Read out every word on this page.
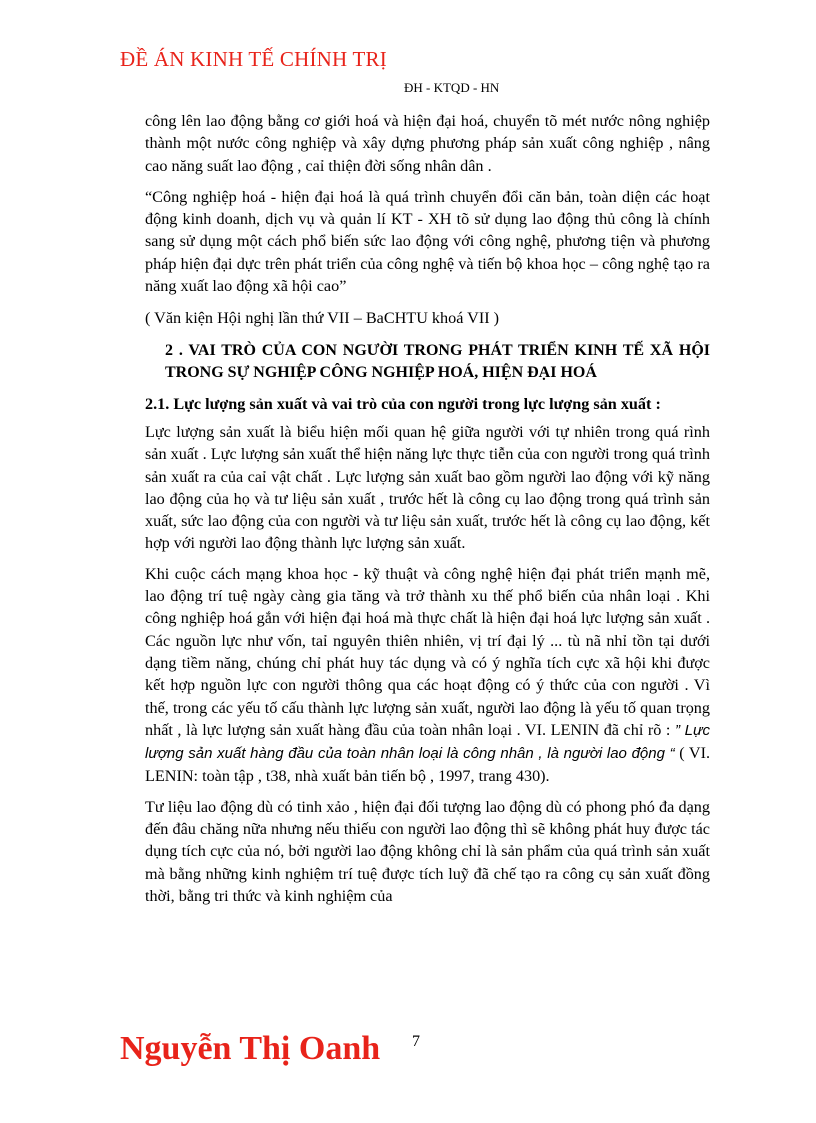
ĐỀ ÁN KINH TẾ CHÍNH TRỊ
ĐH - KTQD - HN

công lên lao động bằng cơ giới hoá và hiện đại hoá, chuyển tõ mét nước nông nghiệp thành một nước công nghiệp và xây dựng phương pháp sản xuất công nghiệp , nâng cao năng suất lao động , caỉ thiện đời sống nhân dân .

“Công nghiệp hoá - hiện đại hoá là quá trình chuyển đổi căn bản, toàn diện các hoạt động kinh doanh, dịch vụ và quản lí KT - XH tõ sử dụng lao động thủ công là chính sang sử dụng một cách phổ biến sức lao động với công nghệ, phương tiện và phương pháp hiện đại dực trên phát triển của công nghệ và tiến bộ khoa học – công nghệ tạo ra năng xuất lao động xã hội cao”

( Văn kiện Hội nghị lần thứ VII – BaCHTU khoá VII )

2 . VAI TRÒ CỦA CON NGƯỜI TRONG PHÁT TRIỂN KINH TẾ XÃ HỘI TRONG SỰ NGHIỆP CÔNG NGHIỆP HOÁ, HIỆN ĐẠI HOÁ

2.1. Lực lượng sản xuất và vai trò của con người trong lực lượng sản xuất :

Lực lượng sản xuất là biểu hiện mối quan hệ giữa người với tự nhiên trong quá rình sản xuất . Lực lượng sản xuất thể hiện năng lực thực tiễn của con người trong quá trình sản xuất ra của caỉ vật chất . Lực lượng sản xuất bao gồm người lao động với kỹ năng lao động của họ và tư liệu sản xuất , trước hết là công cụ lao động trong quá trình sản xuất, sức lao động của con người và tư liệu sản xuất, trước hết là công cụ lao động, kết hợp với người lao động thành lực lượng sản xuất.

Khi cuộc cách mạng khoa học - kỹ thuật và công nghệ hiện đại phát triển mạnh mẽ, lao động trí tuệ ngày càng gia tăng và trở thành xu thế phổ biến của nhân loại . Khi công nghiệp hoá gắn với hiện đại hoá mà thực chất là hiện đại hoá lực lượng sản xuất . Các nguồn lực như vốn, taỉ nguyên thiên nhiên, vị trí đại lý ... tù nã nhỉ tồn tại dưới dạng tiềm năng, chúng chỉ phát huy tác dụng và có ý nghĩa tích cực xã hội khi được kết hợp nguồn lực con người thông qua các hoạt động có ý thức của con người . Vì thế, trong các yếu tố cấu thành lực lượng sản xuất, người lao động là yếu tố quan trọng nhất , là lực lượng sản xuất hàng đầu của toàn nhân loại . VI. LENIN đã chỉ rõ : ” Lực lượng sản xuất hàng đầu của toàn nhân loại là công nhân , là người lao động “ ( VI. LENIN: toàn tập , t38, nhà xuất bản tiến bộ , 1997, trang 430).

Tư liệu lao động dù có tinh xảo , hiện đại đối tượng lao động dù có phong phó đa dạng đến đâu chăng nữa nhưng nếu thiếu con người lao động thì sẽ không phát huy được tác dụng tích cực của nó, bởi người lao động không chỉ là sản phẩm của quá trình sản xuất mà bằng những kinh nghiệm trí tuệ được tích luỹ đã chế tạo ra công cụ sản xuất đồng thời, bằng tri thức và kinh nghiệm của

Nguyễn Thị Oanh 7
